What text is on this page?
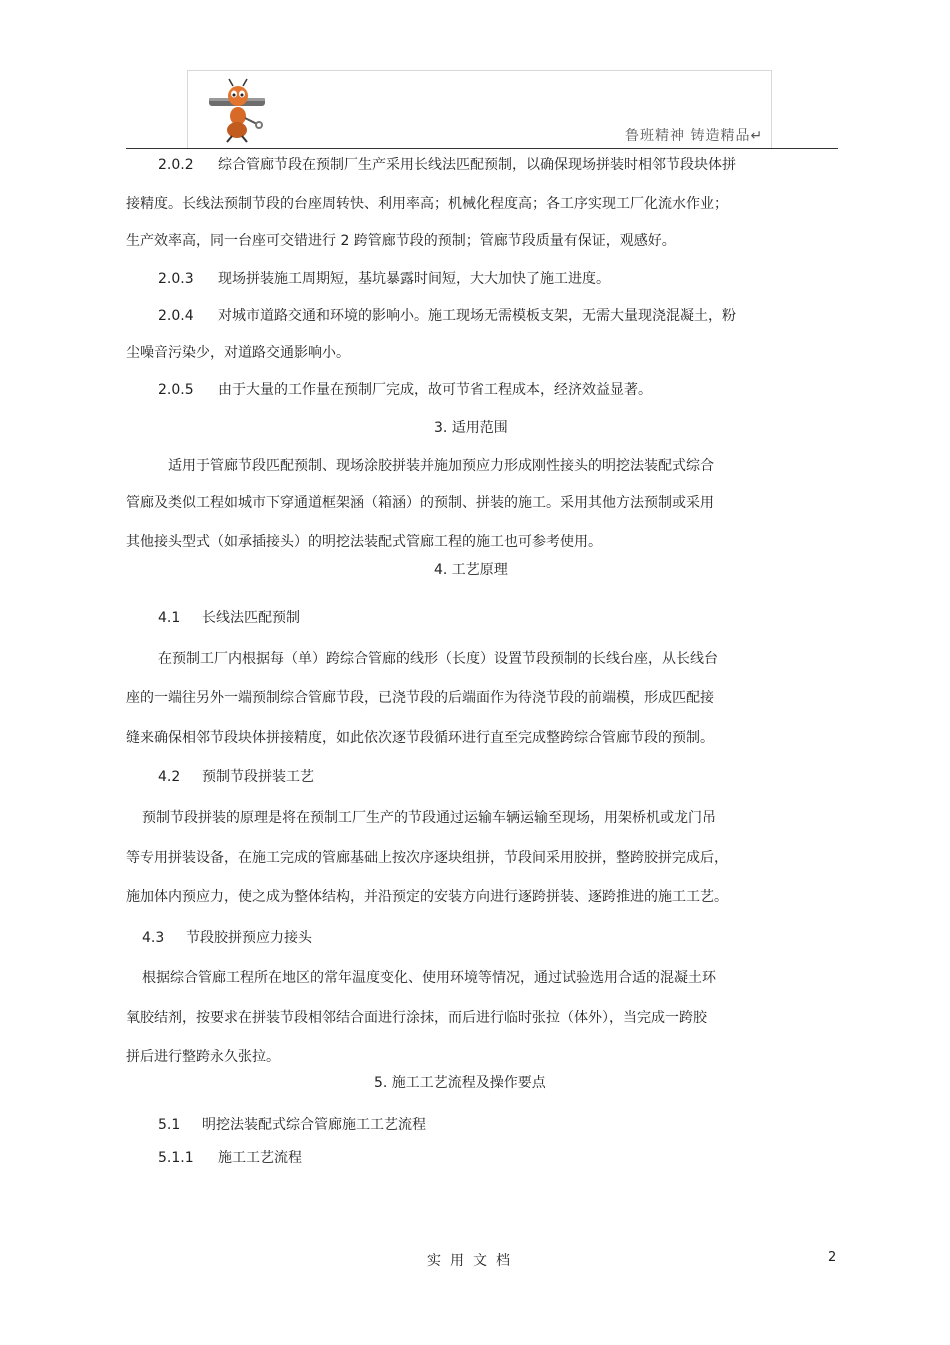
鲁班精神 铸造精品↵
2.0.2 综合管廊节段在预制厂生产采用长线法匹配预制，以确保现场拼装时相邻节段块体拼
接精度。长线法预制节段的台座周转快、利用率高；机械化程度高；各工序实现工厂化流水作业；
生产效率高，同一台座可交错进行 2 跨管廊节段的预制；管廊节段质量有保证，观感好。
2.0.3 现场拼装施工周期短，基坑暴露时间短，大大加快了施工进度。
2.0.4 对城市道路交通和环境的影响小。施工现场无需模板支架，无需大量现浇混凝土，粉
尘噪音污染少，对道路交通影响小。
2.0.5 由于大量的工作量在预制厂完成，故可节省工程成本，经济效益显著。
3. 适用范围
适用于管廊节段匹配预制、现场涂胶拼装并施加预应力形成刚性接头的明挖法装配式综合
管廊及类似工程如城市下穿通道框架涵（箱涵）的预制、拼装的施工。采用其他方法预制或采用
其他接头型式（如承插接头）的明挖法装配式管廊工程的施工也可参考使用。
4. 工艺原理
4.1 长线法匹配预制
在预制工厂内根据每（单）跨综合管廊的线形（长度）设置节段预制的长线台座，从长线台
座的一端往另外一端预制综合管廊节段，已浇节段的后端面作为待浇节段的前端模，形成匹配接
缝来确保相邻节段块体拼接精度，如此依次逐节段循环进行直至完成整跨综合管廊节段的预制。
4.2 预制节段拼装工艺
预制节段拼装的原理是将在预制工厂生产的节段通过运输车辆运输至现场，用架桥机或龙门吊
等专用拼装设备，在施工完成的管廊基础上按次序逐块组拼，节段间采用胶拼，整跨胶拼完成后，
施加体内预应力，使之成为整体结构，并沿预定的安装方向进行逐跨拼装、逐跨推进的施工工艺。
4.3 节段胶拼预应力接头
根据综合管廊工程所在地区的常年温度变化、使用环境等情况，通过试验选用合适的混凝土环
氧胶结剂，按要求在拼装节段相邻结合面进行涂抹，而后进行临时张拉（体外），当完成一跨胶
拼后进行整跨永久张拉。
5. 施工工艺流程及操作要点
5.1 明挖法装配式综合管廊施工工艺流程
5.1.1 施工工艺流程
实用文档	2
